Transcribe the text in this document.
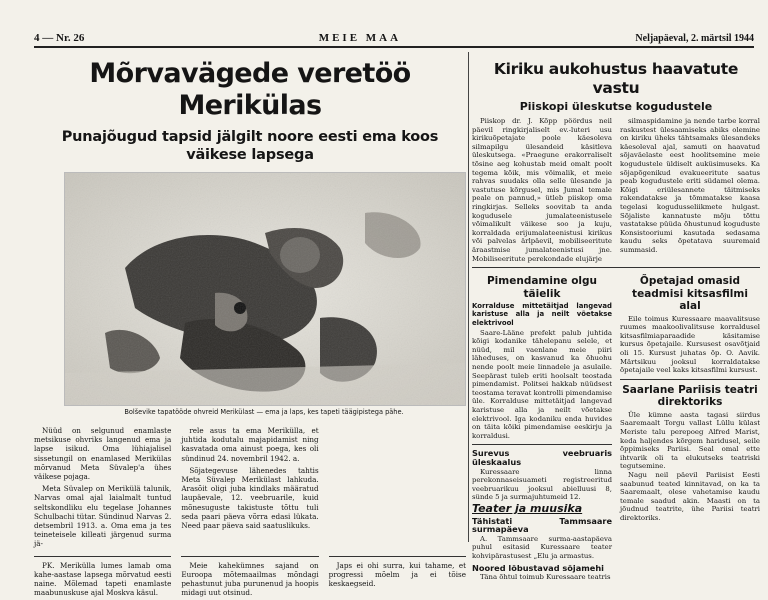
4 — Nr. 26	MEIE MAA	Neljapäeval, 2. märtsil 1944
Mõrvavägede veretöö Merikülas
Punajõugud tapsid jälgilt noore eesti ema koos väikese lapsega
Bolševike tapatööde ohvreid Merikülast — ema ja laps, kes tapeti täägipistega pähe.

Nüüd on selgunud enamlaste metsikuse ohvriks langenud ema ja lapse isikud. Oma lühiajalisel sissetungil on enamlased Merikülas mõrvanud Meta Süvalep'a ühes väikese pojaga.

Meta Süvalep on Merikülä talunik, Narvas omal ajal laialmalt tuntud seltskondliku elu tegelase Johannes Schulbachi tütar. Sündinud Narvas 2. detsembril 1913. a. Oma ema ja tes teineteisele killeati järgenud surma jä-

rele asus ta ema Merikülla, et juhtida kodutalu majapidamist ning kasvatada oma ainust poega, kes oli sündinud 24. novembril 1942. a.

Sõjategevuse lähenedes tahtis Meta Süvalep Merikülast lahkuda. Arasõit oligi juba kindlaks määratud laupäevale, 12. veebruarile, kuid mõnesuguste takistuste tõttu tuli seda paari päeva võrra edasi lükata. Need paar päeva said saatuslikuks.

PK. Merikülla lumes lamab oma kahe-aastase lapsega mõrvatud eesti naine. Mõlemad tapeti enamlaste maabunuskuse ajal Moskva käsul.

Meie kahekümnes sajand on Euroopa mõtemaailmas mõndagi pehastunut juba purunenud ja hoopis midagi uut otsinud.

Japs ei ohi surra, kui tahame, et progressi mõelm ja ei tõise keskaegseid.

Kiriku aukohustus haavatute vastu
Piiskopi üleskutse kogudustele

Piiskop dr. J. Kõpp pöördus neil päevil ringkirjaliselt ev.-luteri usu kirikuõpetajate poole käesoleva silmapilgu ülesandeid käsitleva üleskutsega. «Praegune erakorraliselt tõsine aeg kohustab meid omalt poolt tegema kõik, mis võimalik, et meie rahvas suudaks olla selle ülesande ja vastutuse kõrgusel, mis Jumal temale pealе on pannud,» ütleb piiskop oma ringkirjas. Selleks soovitab ta anda kogudusele jumalateenistusele võimalikult väikese soo ja kuju, korraldada erijumalateenistusi kirikus või palvelas ärlpäevil, mobiliseeritute äraastmise jumalateenistusi jne. Mobiliseeritute perekondade elujärje

silmaspidamine ja nende tarbe korral raskustest ülesaamiseks abiks olemine on kiriku üheks tähtsamaks ülesandeks käesoleval ajal, samuti on haavatud sõjaväelaste eest hoolitsemine meie kogudustele üldiselt auküsimuseks. Ka sõjapõgenikud evakueeritute saatus peab kogudustele eriti südamel olema. Kõigi eriülesannete täitmiseks rakendatakse ja tõmmatakse kaasa tegelasi kogudusseliikmete hulgast. Sõjaliste kannatuste mõju tõttu vastatakse püüda õhustunud koguduste Konsistooriumi kasutada sedasama kaudu seks õpetatava suuremaid summasid.

Pimendamine olgu täielik
Korralduse mittetäitjad langevad karistuse alla ja neilt võetakse elektrivool

Saare-Lääne prefekt palub juhtida kõigi kodanike tähelepanu selele, et nüüd, mil vaenlane meie piiri läheduses, on kasvanud ka õhuohu nende poolt meie linnadele ja asulaile. Seepärast tuleb eriti hoolsalt teostada pimendamist. Politsei hakkab nüüdsest teostama teravat kontrolli pimendamise üle. Korralduse mittetäitjad langevad karistuse alla ja neilt võetakse elektrivool. Iga kodaniku enda huvides on täita kõiki pimendamise eeskirju ja korraldusi.

Surevus veebruaris üleskaalus

Kuressaare linna perekonnaseisuameti registreeritud veebruarikuu jooksul abielluusi 8, sünde 5 ja surmajuhtumeid 12.

Teater ja muusika
Tähistati Tammsaare surmapäeva

A. Tammsaare surma-aastapäeva puhul esitasid Kuressaare teater kohvipärastusest „Elu ja armastus.

Noored lõbustavad sõjamehi

Täna õhtul toimub Kuressaare teatris

Õpetajad omasid teadmisi kitsasfilmi alal

Eile toimus Kuressaare maavalitsuse ruumes maakoolivalitsuse korraldusel kitsasfilmiaparaadide käsitamise kursus õpetajaile. Kursusest osavõtjaid oli 15. Kursust juhatas õp. O. Aavik. Märtsikuu jooksul korraldatakse õpetajaile veel kaks kitsasfilmi kursust.

Saarlane Pariisis teatri direktoriks

Üle kümne aasta tagasi siirdus Saaremaalt Torgu vallast Lüllu külast Meriste talu perepoeg Alfred Marist, keda haljendes kõrgem haridusel, seile õppimiseks Pariisi. Seal omal ette ihtvarik oli ta elukutseks teatriski tegutsemine.

Nagu neil päevil Pariisist Eesti saabunud teated kinnitavad, on ka ta Saaremaalt, olese vahetamise kaudu temale saadud akin. Maasti on ta jõudnud teatrite, ühe Pariisi teatri direktoriks.
